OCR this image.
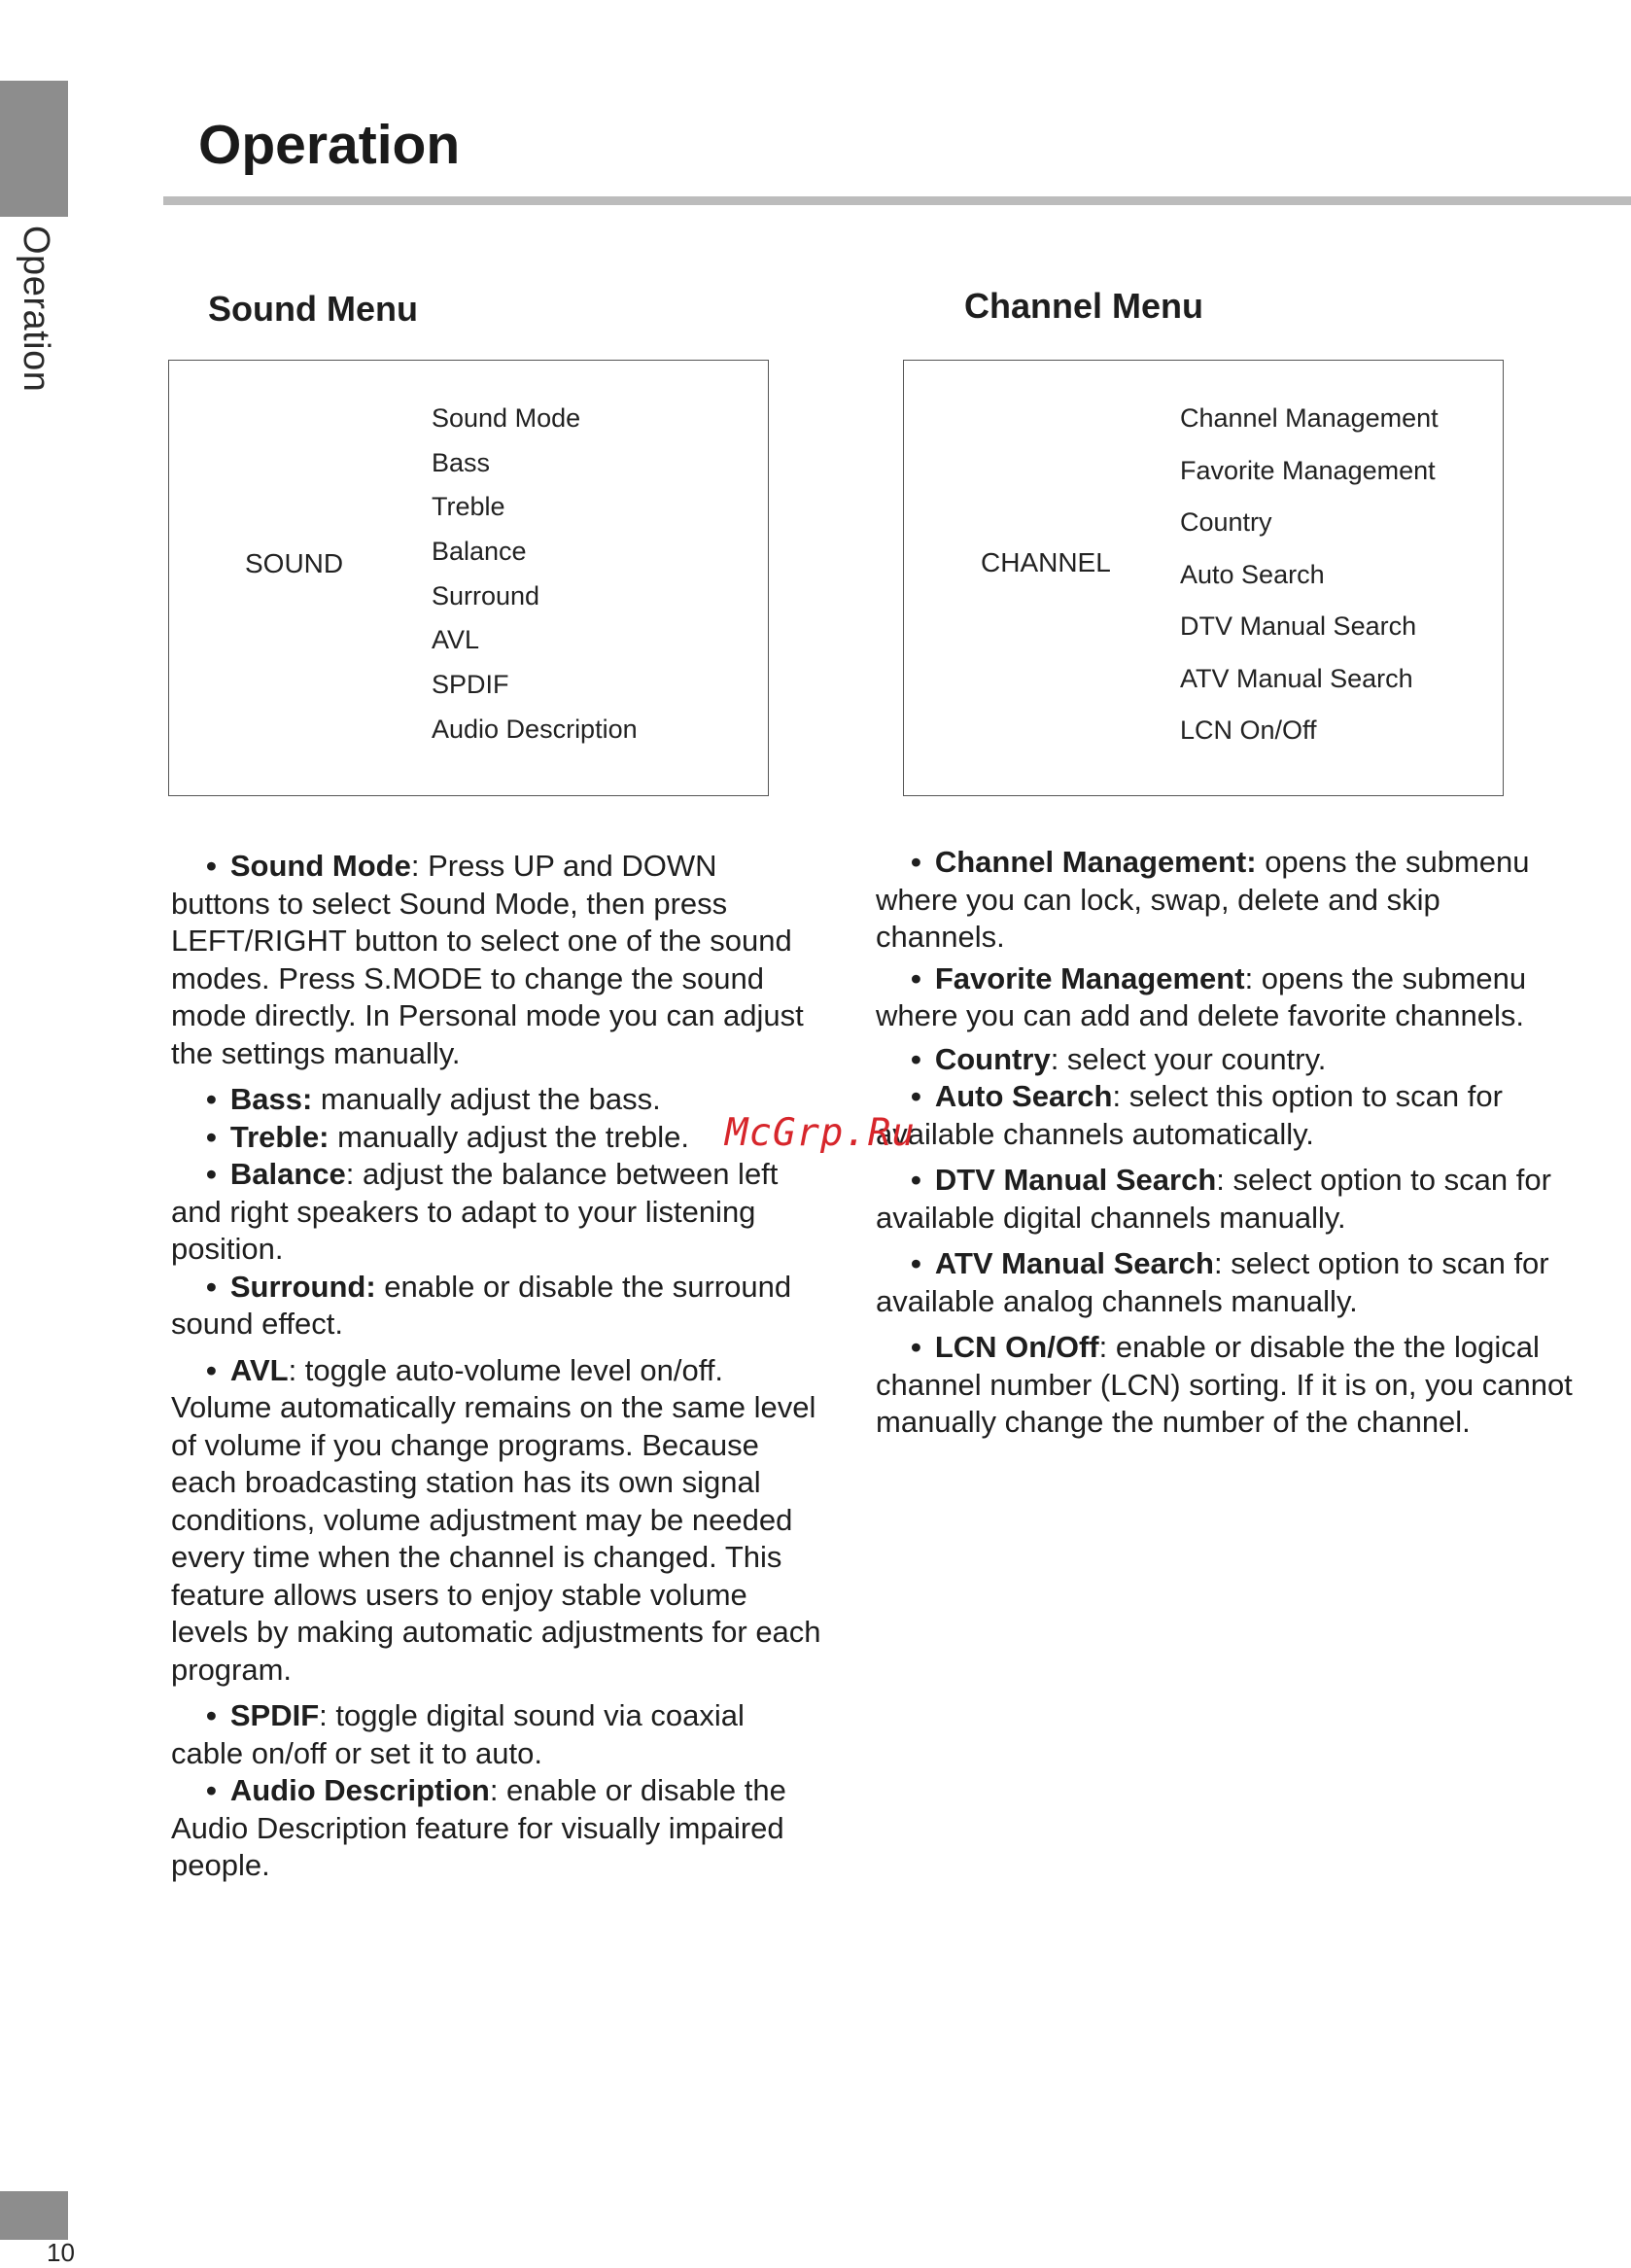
Operation
Operation
Sound Menu
SOUND
Sound Mode
Bass
Treble
Balance
Surround
AVL
SPDIF
Audio Description
Channel Menu
CHANNEL
Channel Management
Favorite Management
Country
Auto Search
DTV Manual Search
ATV Manual Search
LCN On/Off

• Sound Mode: Press UP and DOWN buttons to select Sound Mode, then press LEFT/RIGHT button to select one of the sound modes. Press S.MODE to change the sound mode directly. In Personal mode you can adjust the settings manually.

• Bass: manually adjust the bass.

• Treble: manually adjust the treble.

• Balance: adjust the balance between left and right speakers to adapt to your listening position.

• Surround: enable or disable the surround sound effect.

• AVL: toggle auto-volume level on/off. Volume automatically remains on the same level of volume if you change programs. Because each broadcasting station has its own signal conditions, volume adjustment may be needed every time when the channel is changed. This feature allows users to enjoy stable volume levels by making automatic adjustments for each program.

• SPDIF: toggle digital sound via coaxial cable on/off or set it to auto.

• Audio Description: enable or disable the Audio Description feature for visually impaired people.

• Channel Management: opens the submenu where you can lock, swap, delete and skip channels.

• Favorite Management: opens the submenu where you can add and delete favorite channels.

• Country: select your country.

• Auto Search: select this option to scan for available channels automatically.

• DTV Manual Search: select option to scan for available digital channels manually.

• ATV Manual Search: select option to scan for available analog channels manually.

• LCN On/Off: enable or disable the the logical channel number (LCN) sorting. If it is on, you cannot manually change the number of the channel.

McGrp.Ru
10
